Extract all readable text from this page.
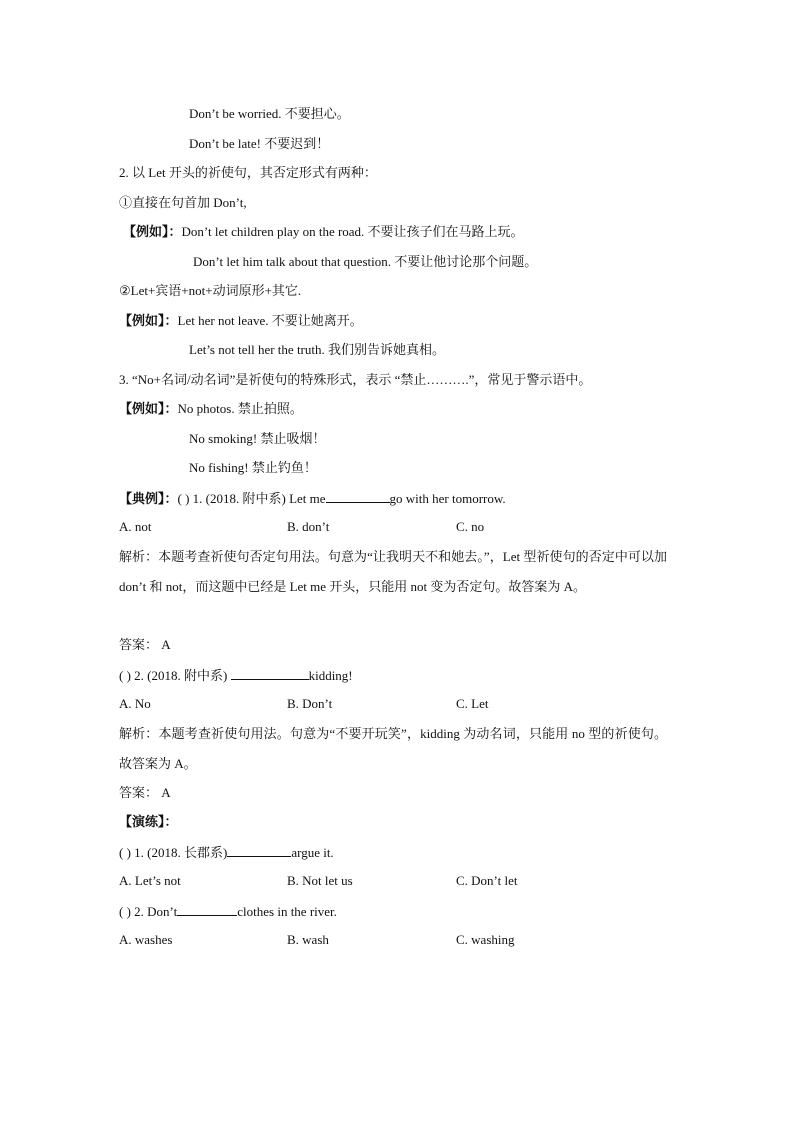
Don’t be worried. 不要担心。
Don’t be late! 不要迟到！
2. 以 Let 开头的祈使句，其否定形式有两种：
①直接在句首加 Don’t,
【例如】：Don’t let children play on the road. 不要让孩子们在马路上玩。
Don’t let him talk about that question. 不要让他讨论那个问题。
②Let+宾语+not+动词原形+其它.
【例如】：Let her not leave. 不要让她离开。
Let’s not tell her the truth. 我们别告诉她真相。
3. “No+名词/动名词”是祈使句的特殊形式，表示 “禁止……….”，常见于警示语中。
【例如】：No photos. 禁止拍照。
No smoking! 禁止吸烟！
No fishing! 禁止钓鱼！
【典例】：( ) 1. (2018. 附中系) Let me	go with her tomorrow.
A. not	B. don’t	C. no
解析：本题考查祈使句否定句用法。句意为“让我明天不和她去。”，Let 型祈使句的否定中可以加 don’t 和 not，而这题中已经是 Let me 开头，只能用 not 变为否定句。故答案为 A。
答案： A
( ) 2. (2018. 附中系)	kidding!
A. No	B. Don’t	C. Let
解析：本题考查祈使句用法。句意为“不要开玩笑”，kidding 为动名词，只能用 no 型的祈使句。故答案为 A。
答案： A
【演练】：
( ) 1. (2018. 长郡系)	argue it.
A. Let’s not	B. Not let us	C. Don’t let
( ) 2. Don’t	clothes in the river.
A. washes	B. wash	C. washing
